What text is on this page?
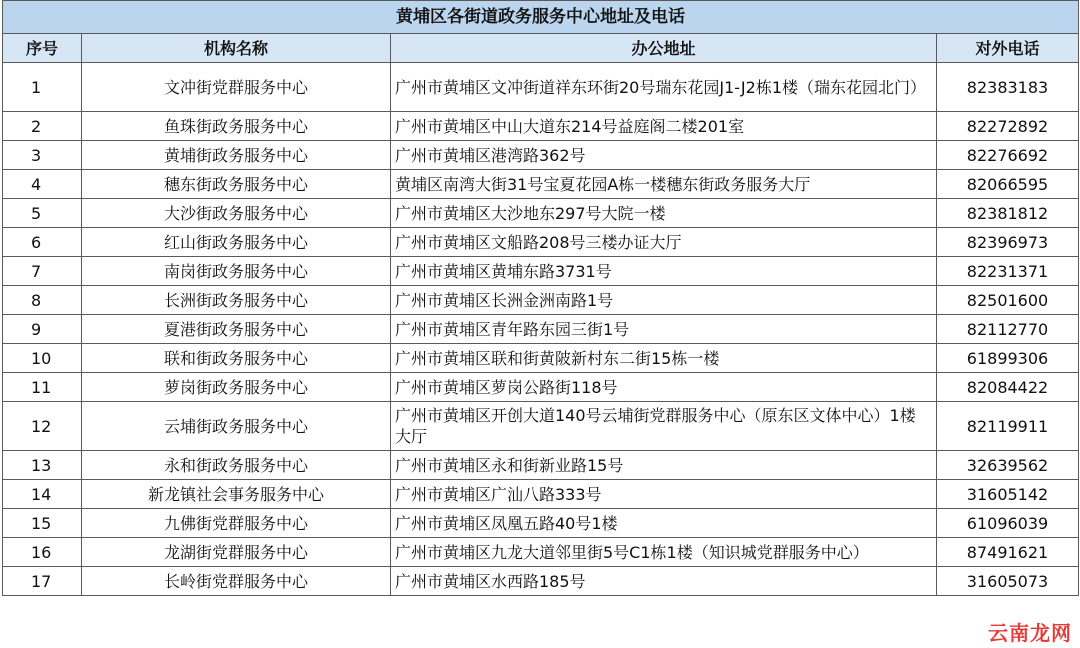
黄埔区各街道政务服务中心地址及电话			
序号	机构名称	办公地址	对外电话
1	文冲街党群服务中心	广州市黄埔区文冲街道祥东环街20号瑞东花园J1-J2栋1楼（瑞东花园北门）	82383183
2	鱼珠街政务服务中心	广州市黄埔区中山大道东214号益庭阁二楼201室	82272892
3	黄埔街政务服务中心	广州市黄埔区港湾路362号	82276692
4	穗东街政务服务中心	黄埔区南湾大街31号宝夏花园A栋一楼穗东街政务服务大厅	82066595
5	大沙街政务服务中心	广州市黄埔区大沙地东297号大院一楼	82381812
6	红山街政务服务中心	广州市黄埔区文船路208号三楼办证大厅	82396973
7	南岗街政务服务中心	广州市黄埔区黄埔东路3731号	82231371
8	长洲街政务服务中心	广州市黄埔区长洲金洲南路1号	82501600
9	夏港街政务服务中心	广州市黄埔区青年路东园三街1号	82112770
10	联和街政务服务中心	广州市黄埔区联和街黄陂新村东二街15栋一楼	61899306
11	萝岗街政务服务中心	广州市黄埔区萝岗公路街118号	82084422
12	云埔街政务服务中心	广州市黄埔区开创大道140号云埔街党群服务中心（原东区文体中心）1楼大厅	82119911
13	永和街政务服务中心	广州市黄埔区永和街新业路15号	32639562
14	新龙镇社会事务服务中心	广州市黄埔区广汕八路333号	31605142
15	九佛街党群服务中心	广州市黄埔区凤凰五路40号1楼	61096039
16	龙湖街党群服务中心	广州市黄埔区九龙大道邻里街5号C1栋1楼（知识城党群服务中心）	87491621
17	长岭街党群服务中心	广州市黄埔区水西路185号	31605073
云南龙网
